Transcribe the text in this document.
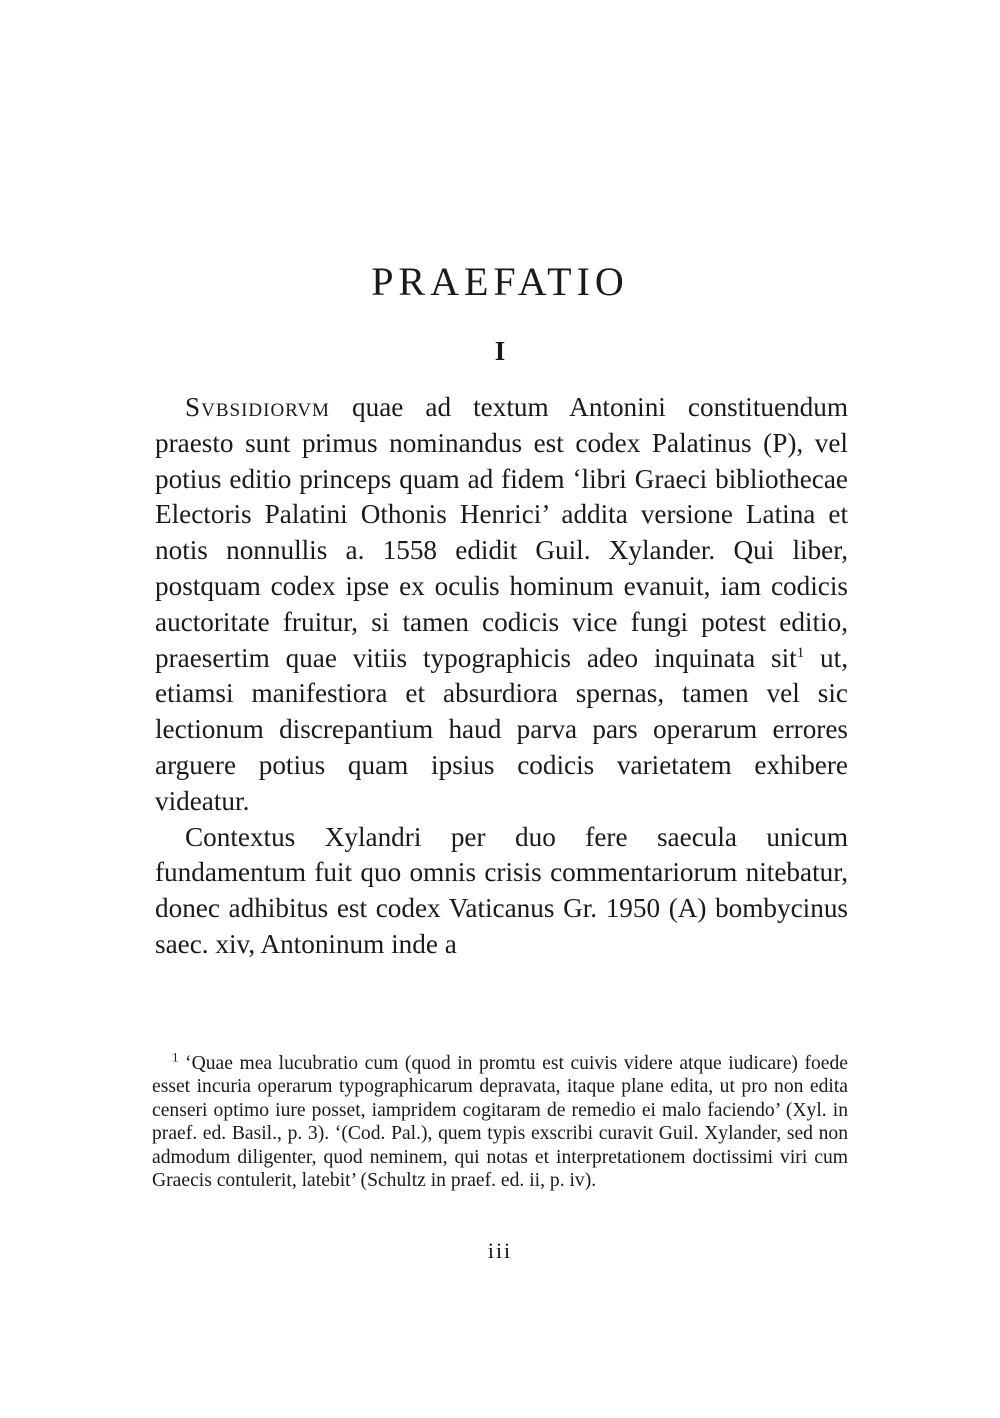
PRAEFATIO
I

Svbsidiorvm quae ad textum Antonini constituendum praesto sunt primus nominandus est codex Palatinus (P), vel potius editio princeps quam ad fidem ‘libri Graeci bibliothecae Electoris Palatini Othonis Henrici’ addita versione Latina et notis nonnullis a. 1558 edidit Guil. Xylander. Qui liber, postquam codex ipse ex oculis hominum evanuit, iam codicis auctoritate fruitur, si tamen codicis vice fungi potest editio, praesertim quae vitiis typographicis adeo inquinata sit$^1$ ut, etiamsi manifestiora et absurdiora spernas, tamen vel sic lectionum discrepantium haud parva pars operarum errores arguere potius quam ipsius codicis varietatem exhibere videatur.

Contextus Xylandri per duo fere saecula unicum fundamentum fuit quo omnis crisis commentariorum nitebatur, donec adhibitus est codex Vaticanus Gr. 1950 (A) bombycinus saec. xiv, Antoninum inde a

$^1$ ‘Quae mea lucubratio cum (quod in promtu est cuivis videre atque iudicare) foede esset incuria operarum typographicarum depravata, itaque plane edita, ut pro non edita censeri optimo iure posset, iampridem cogitaram de remedio ei malo faciendo’ (Xyl. in praef. ed. Basil., p. 3). ‘(Cod. Pal.), quem typis exscribi curavit Guil. Xylander, sed non admodum diligenter, quod neminem, qui notas et interpretationem doctissimi viri cum Graecis contulerit, latebit’ (Schultz in praef. ed. ii, p. iv).

iii
